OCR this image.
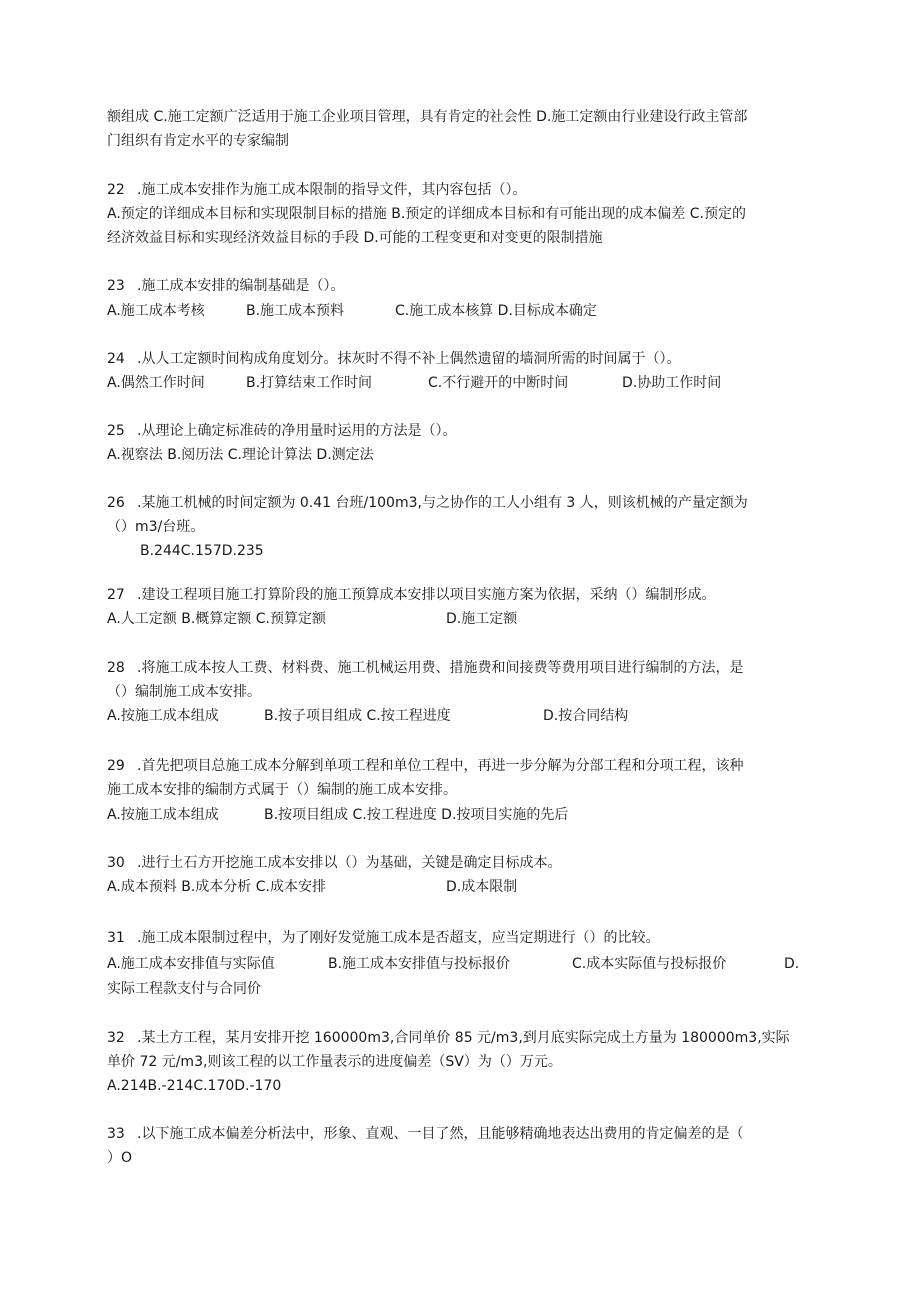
额组成 C.施工定额广泛适用于施工企业项目管理，具有肯定的社会性 D.施工定额由行业建设行政主管部
门组织有肯定水平的专家编制
22 .施工成本安排作为施工成本限制的指导文件，其内容包括（）。
A.预定的详细成本目标和实现限制目标的措施 B.预定的详细成本目标和有可能出现的成本偏差 C.预定的
经济效益目标和实现经济效益目标的手段 D.可能的工程变更和对变更的限制措施
23 .施工成本安排的编制基础是（）。
A.施工成本考核	B.施工成本预料	C.施工成本核算 D.目标成本确定
24 .从人工定额时间构成角度划分。抹灰时不得不补上偶然遗留的墙洞所需的时间属于（）。
A.偶然工作时间	B.打算结束工作时间	C.不行避开的中断时间	D.协助工作时间
25 .从理论上确定标准砖的净用量时运用的方法是（）。
A.视察法 B.阅历法 C.理论计算法 D.测定法
26 .某施工机械的时间定额为 0.41 台班/100m3,与之协作的工人小组有 3 人，则该机械的产量定额为
（）m3/台班。
B.244C.157D.235
27 .建设工程项目施工打算阶段的施工预算成本安排以项目实施方案为依据，采纳（）编制形成。
A.人工定额 B.概算定额 C.预算定额	D.施工定额
28 .将施工成本按人工费、材料费、施工机械运用费、措施费和间接费等费用项目进行编制的方法，是
（）编制施工成本安排。
A.按施工成本组成	B.按子项目组成 C.按工程进度	D.按合同结构
29 .首先把项目总施工成本分解到单项工程和单位工程中，再进一步分解为分部工程和分项工程，该种
施工成本安排的编制方式属于（）编制的施工成本安排。
A.按施工成本组成	B.按项目组成 C.按工程进度 D.按项目实施的先后
30 .进行土石方开挖施工成本安排以（）为基础，关键是确定目标成本。
A.成本预料 B.成本分析 C.成本安排	D.成本限制
31 .施工成本限制过程中，为了刚好发觉施工成本是否超支，应当定期进行（）的比较。
A.施工成本安排值与实际值	B.施工成本安排值与投标报价	C.成本实际值与投标报价	D.
实际工程款支付与合同价
32 .某土方工程，某月安排开挖 160000m3,合同单价 85 元/m3,到月底实际完成土方量为 180000m3,实际
单价 72 元/m3,则该工程的以工作量表示的进度偏差（SV）为（）万元。
A.214B.-214C.170D.-170
33 .以下施工成本偏差分析法中，形象、直观、一目了然，且能够精确地表达出费用的肯定偏差的是（
）O
